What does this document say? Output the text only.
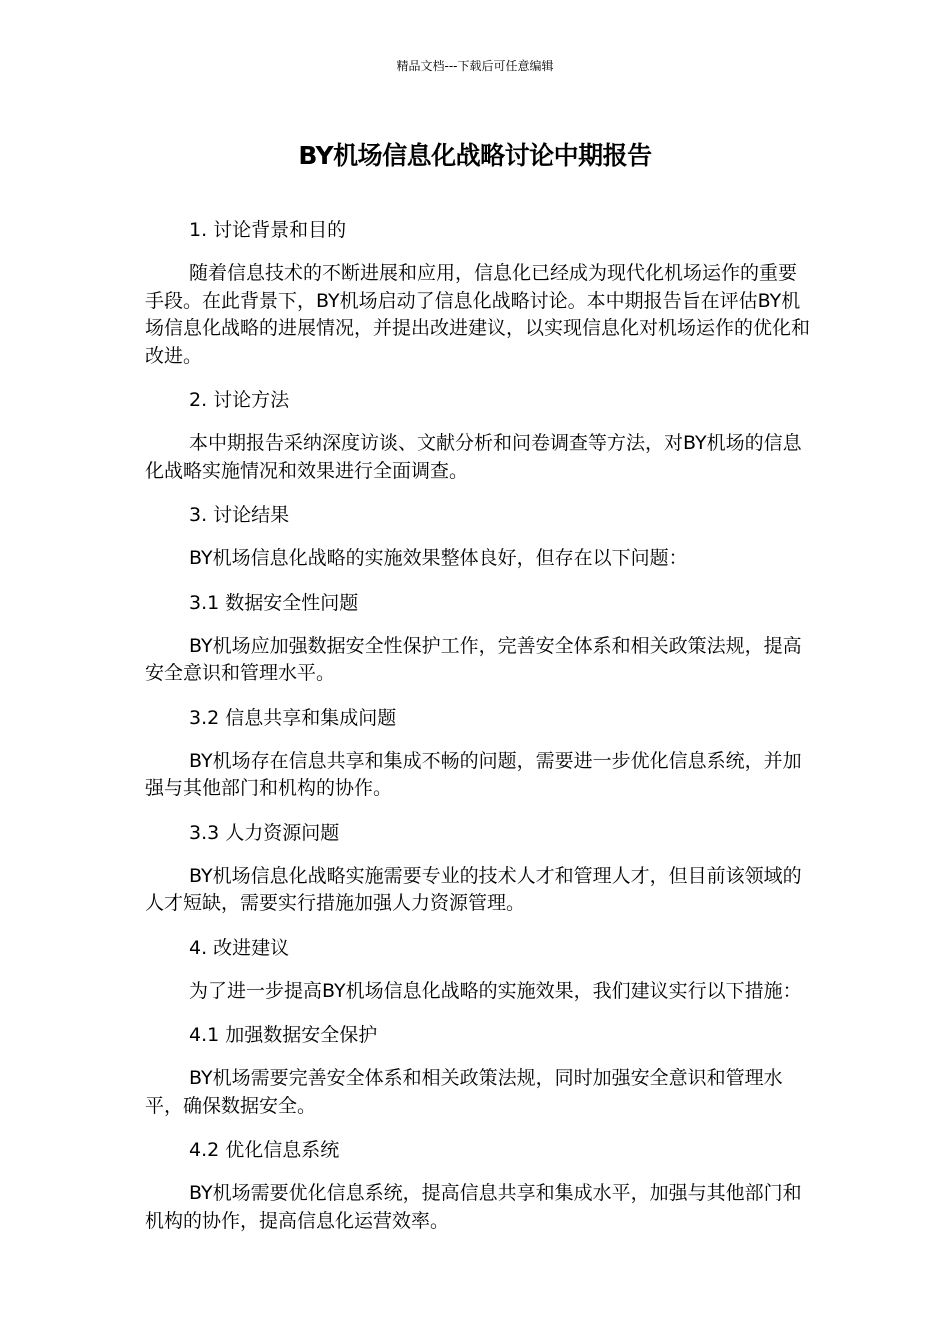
精品文档---下载后可任意编辑
BY机场信息化战略讨论中期报告
1. 讨论背景和目的
随着信息技术的不断进展和应用，信息化已经成为现代化机场运作的重要手段。在此背景下，BY机场启动了信息化战略讨论。本中期报告旨在评估BY机场信息化战略的进展情况，并提出改进建议，以实现信息化对机场运作的优化和改进。
2. 讨论方法
本中期报告采纳深度访谈、文献分析和问卷调查等方法，对BY机场的信息化战略实施情况和效果进行全面调查。
3. 讨论结果
BY机场信息化战略的实施效果整体良好，但存在以下问题：
3.1 数据安全性问题
BY机场应加强数据安全性保护工作，完善安全体系和相关政策法规，提高安全意识和管理水平。
3.2 信息共享和集成问题
BY机场存在信息共享和集成不畅的问题，需要进一步优化信息系统，并加强与其他部门和机构的协作。
3.3 人力资源问题
BY机场信息化战略实施需要专业的技术人才和管理人才，但目前该领域的人才短缺，需要实行措施加强人力资源管理。
4. 改进建议
为了进一步提高BY机场信息化战略的实施效果，我们建议实行以下措施：
4.1 加强数据安全保护
BY机场需要完善安全体系和相关政策法规，同时加强安全意识和管理水平，确保数据安全。
4.2 优化信息系统
BY机场需要优化信息系统，提高信息共享和集成水平，加强与其他部门和机构的协作，提高信息化运营效率。
